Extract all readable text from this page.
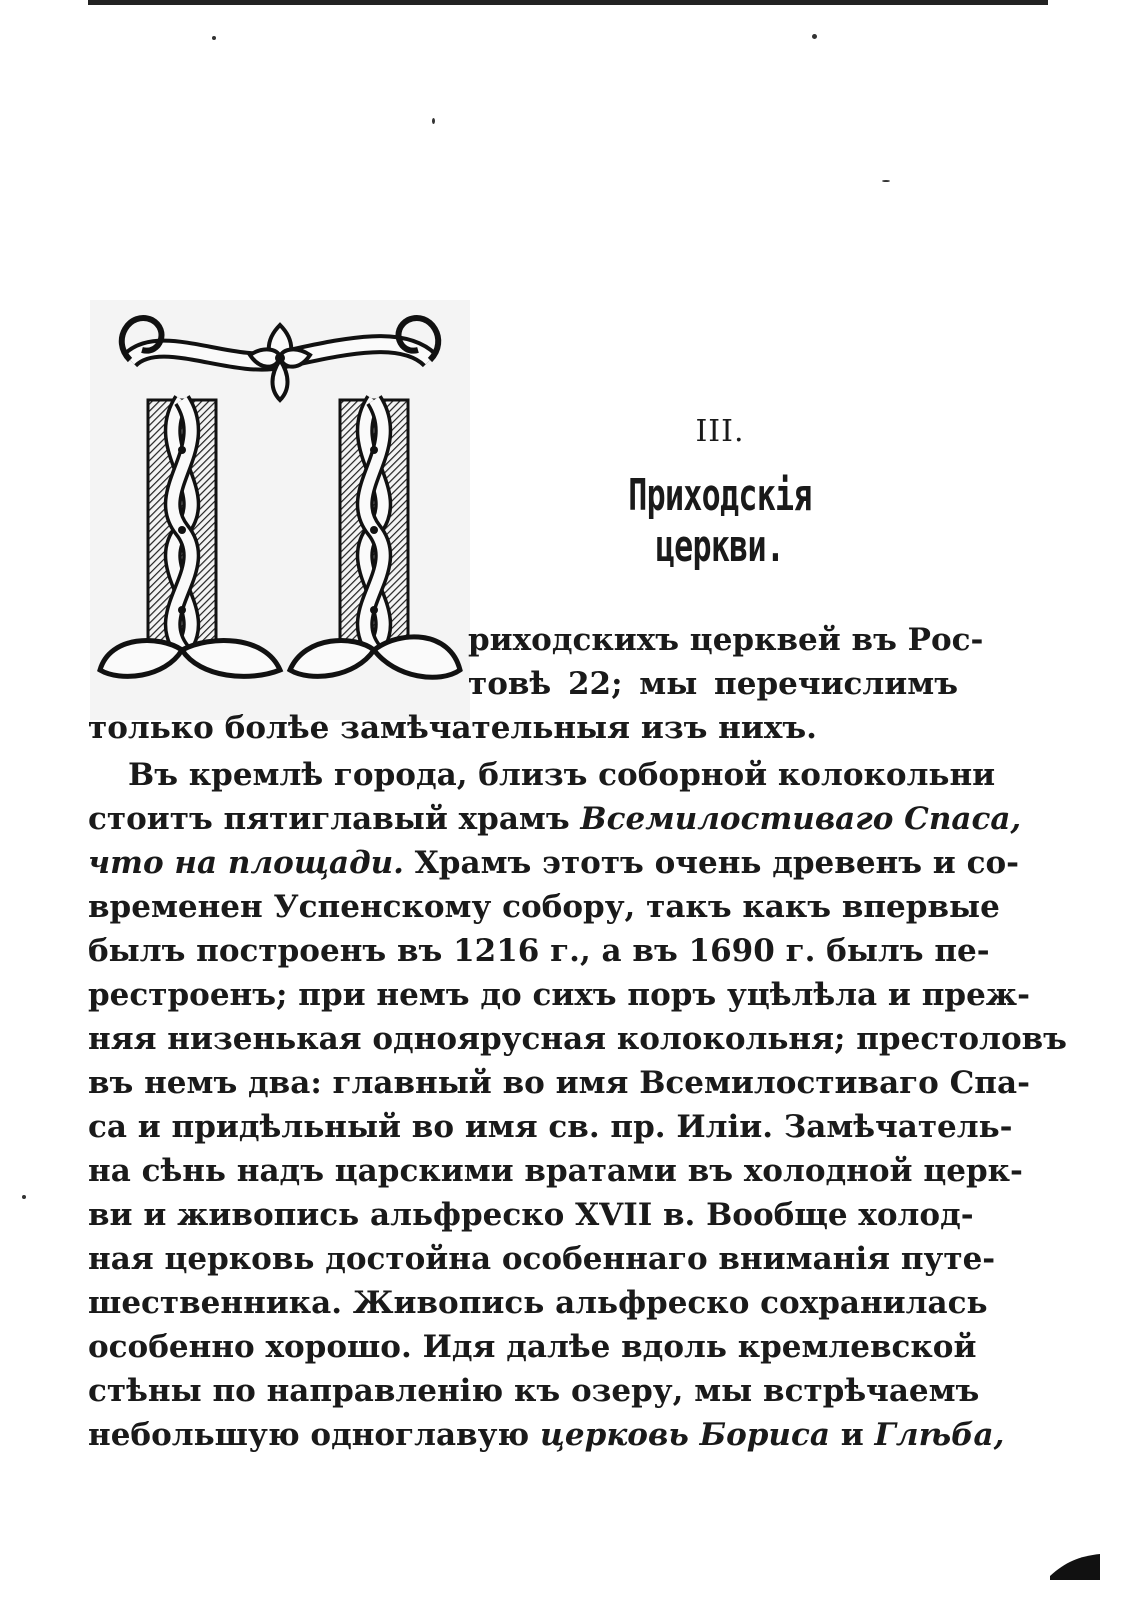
III.
Приходскія церкви.

риходскихъ церквей въ Рос-

товѣ 22; мы перечислимъ

только болѣе замѣчательныя изъ нихъ.

Въ кремлѣ города, близъ соборной колокольни

стоитъ пятиглавый храмъ Всемилостиваго Спаса,

что на площади. Храмъ этотъ очень древенъ и со-

временен Успенскому собору, такъ какъ впервые

былъ построенъ въ 1216 г., а въ 1690 г. былъ пе-

рестроенъ; при немъ до сихъ поръ уцѣлѣла и преж-

няя низенькая одноярусная колокольня; престоловъ

въ немъ два: главный во имя Всемилостиваго Спа-

са и придѣльный во имя св. пр. Иліи. Замѣчатель-

на сѣнь надъ царскими вратами въ холодной церк-

ви и живопись альфреско XVII в. Вообще холод-

ная церковь достойна особеннаго вниманія путе-

шественника. Живопись альфреско сохранилась

особенно хорошо. Идя далѣе вдоль кремлевской

стѣны по направленію къ озеру, мы встрѣчаемъ

небольшую одноглавую церковь Бориса и Глѣба,
